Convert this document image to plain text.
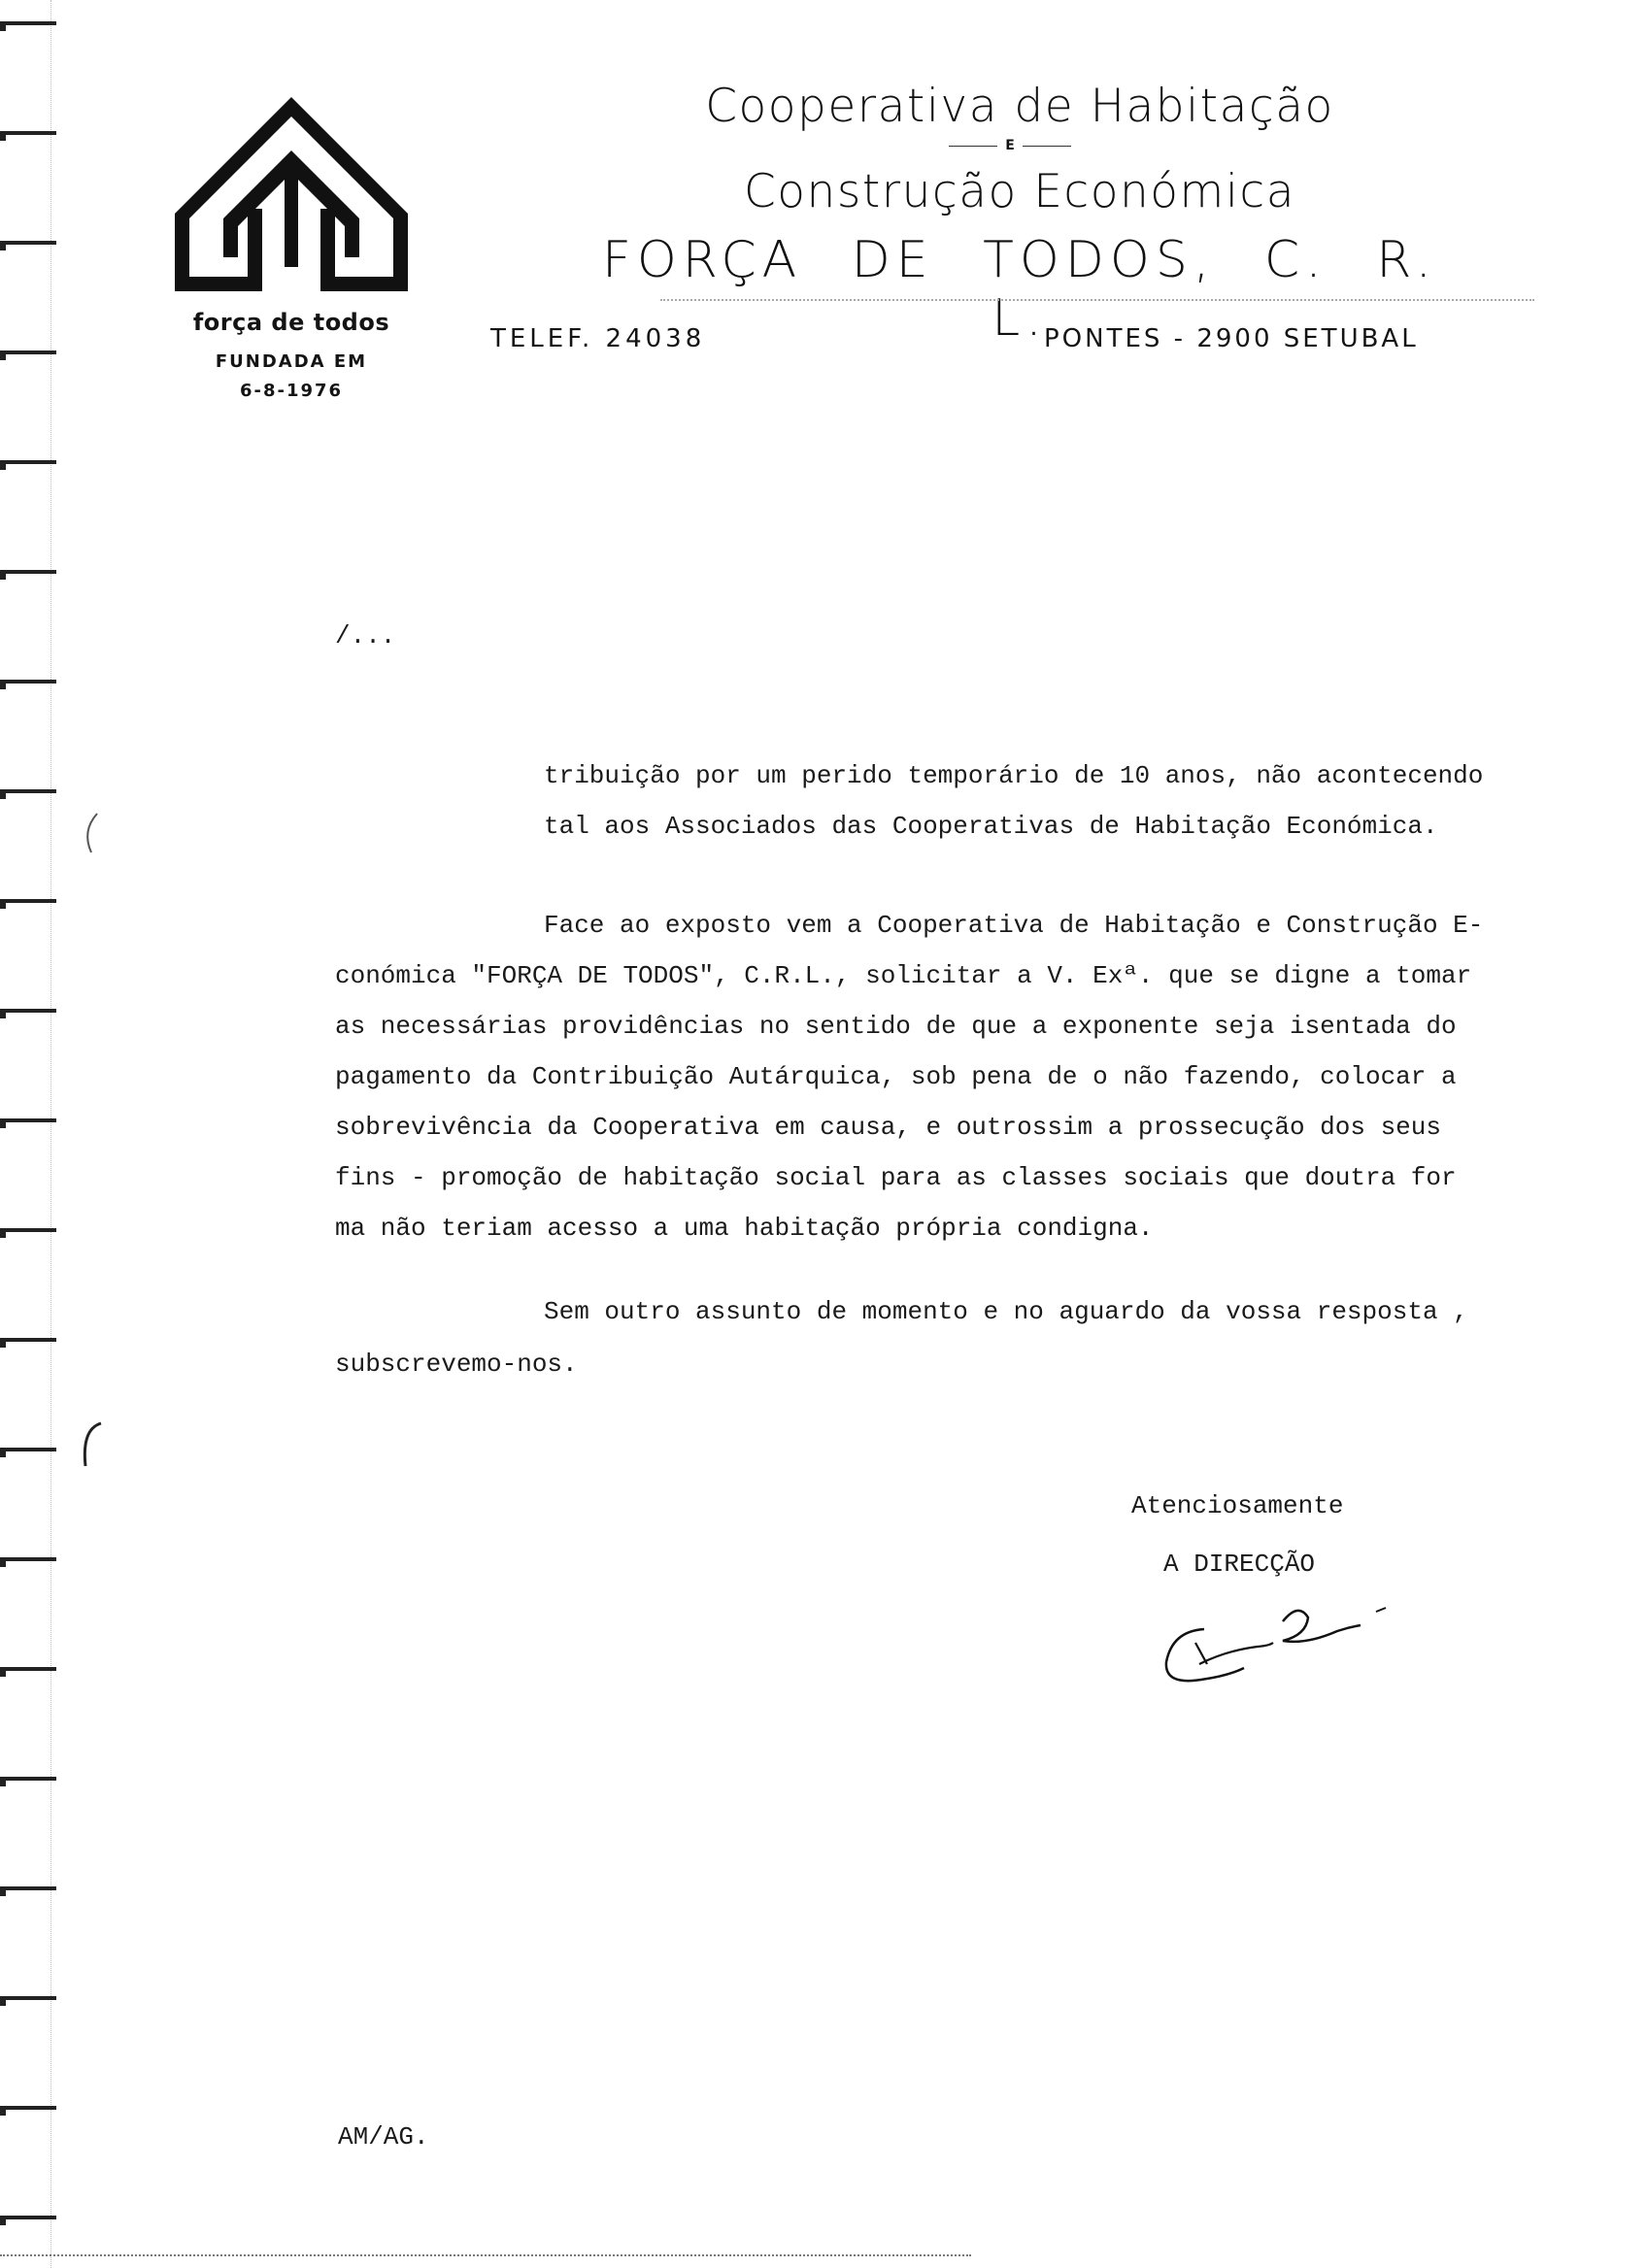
força de todos
FUNDADA EM
6-8-1976
Cooperativa de Habitação
E
Construção Económica
FORÇA DE TODOS, C. R. L.
TELEF. 24038	PONTES - 2900 SETUBAL
/...
tribuição por um perido temporário de 10 anos, não acontecendo
tal aos Associados das Cooperativas de Habitação Económica.
Face ao exposto vem a Cooperativa de Habitação e Construção E-
conómica "FORÇA DE TODOS", C.R.L., solicitar a V. Exª. que se digne a tomar
as necessárias providências no sentido de que a exponente seja isentada do
pagamento da Contribuição Autárquica, sob pena de o não fazendo, colocar a
sobrevivência da Cooperativa em causa, e outrossim a prossecução dos seus
fins - promoção de habitação social para as classes sociais que doutra for
ma não teriam acesso a uma habitação própria condigna.
Sem outro assunto de momento e no aguardo da vossa resposta ,
subscrevemo-nos.
Atenciosamente
A DIRECÇÃO
AM/AG.
